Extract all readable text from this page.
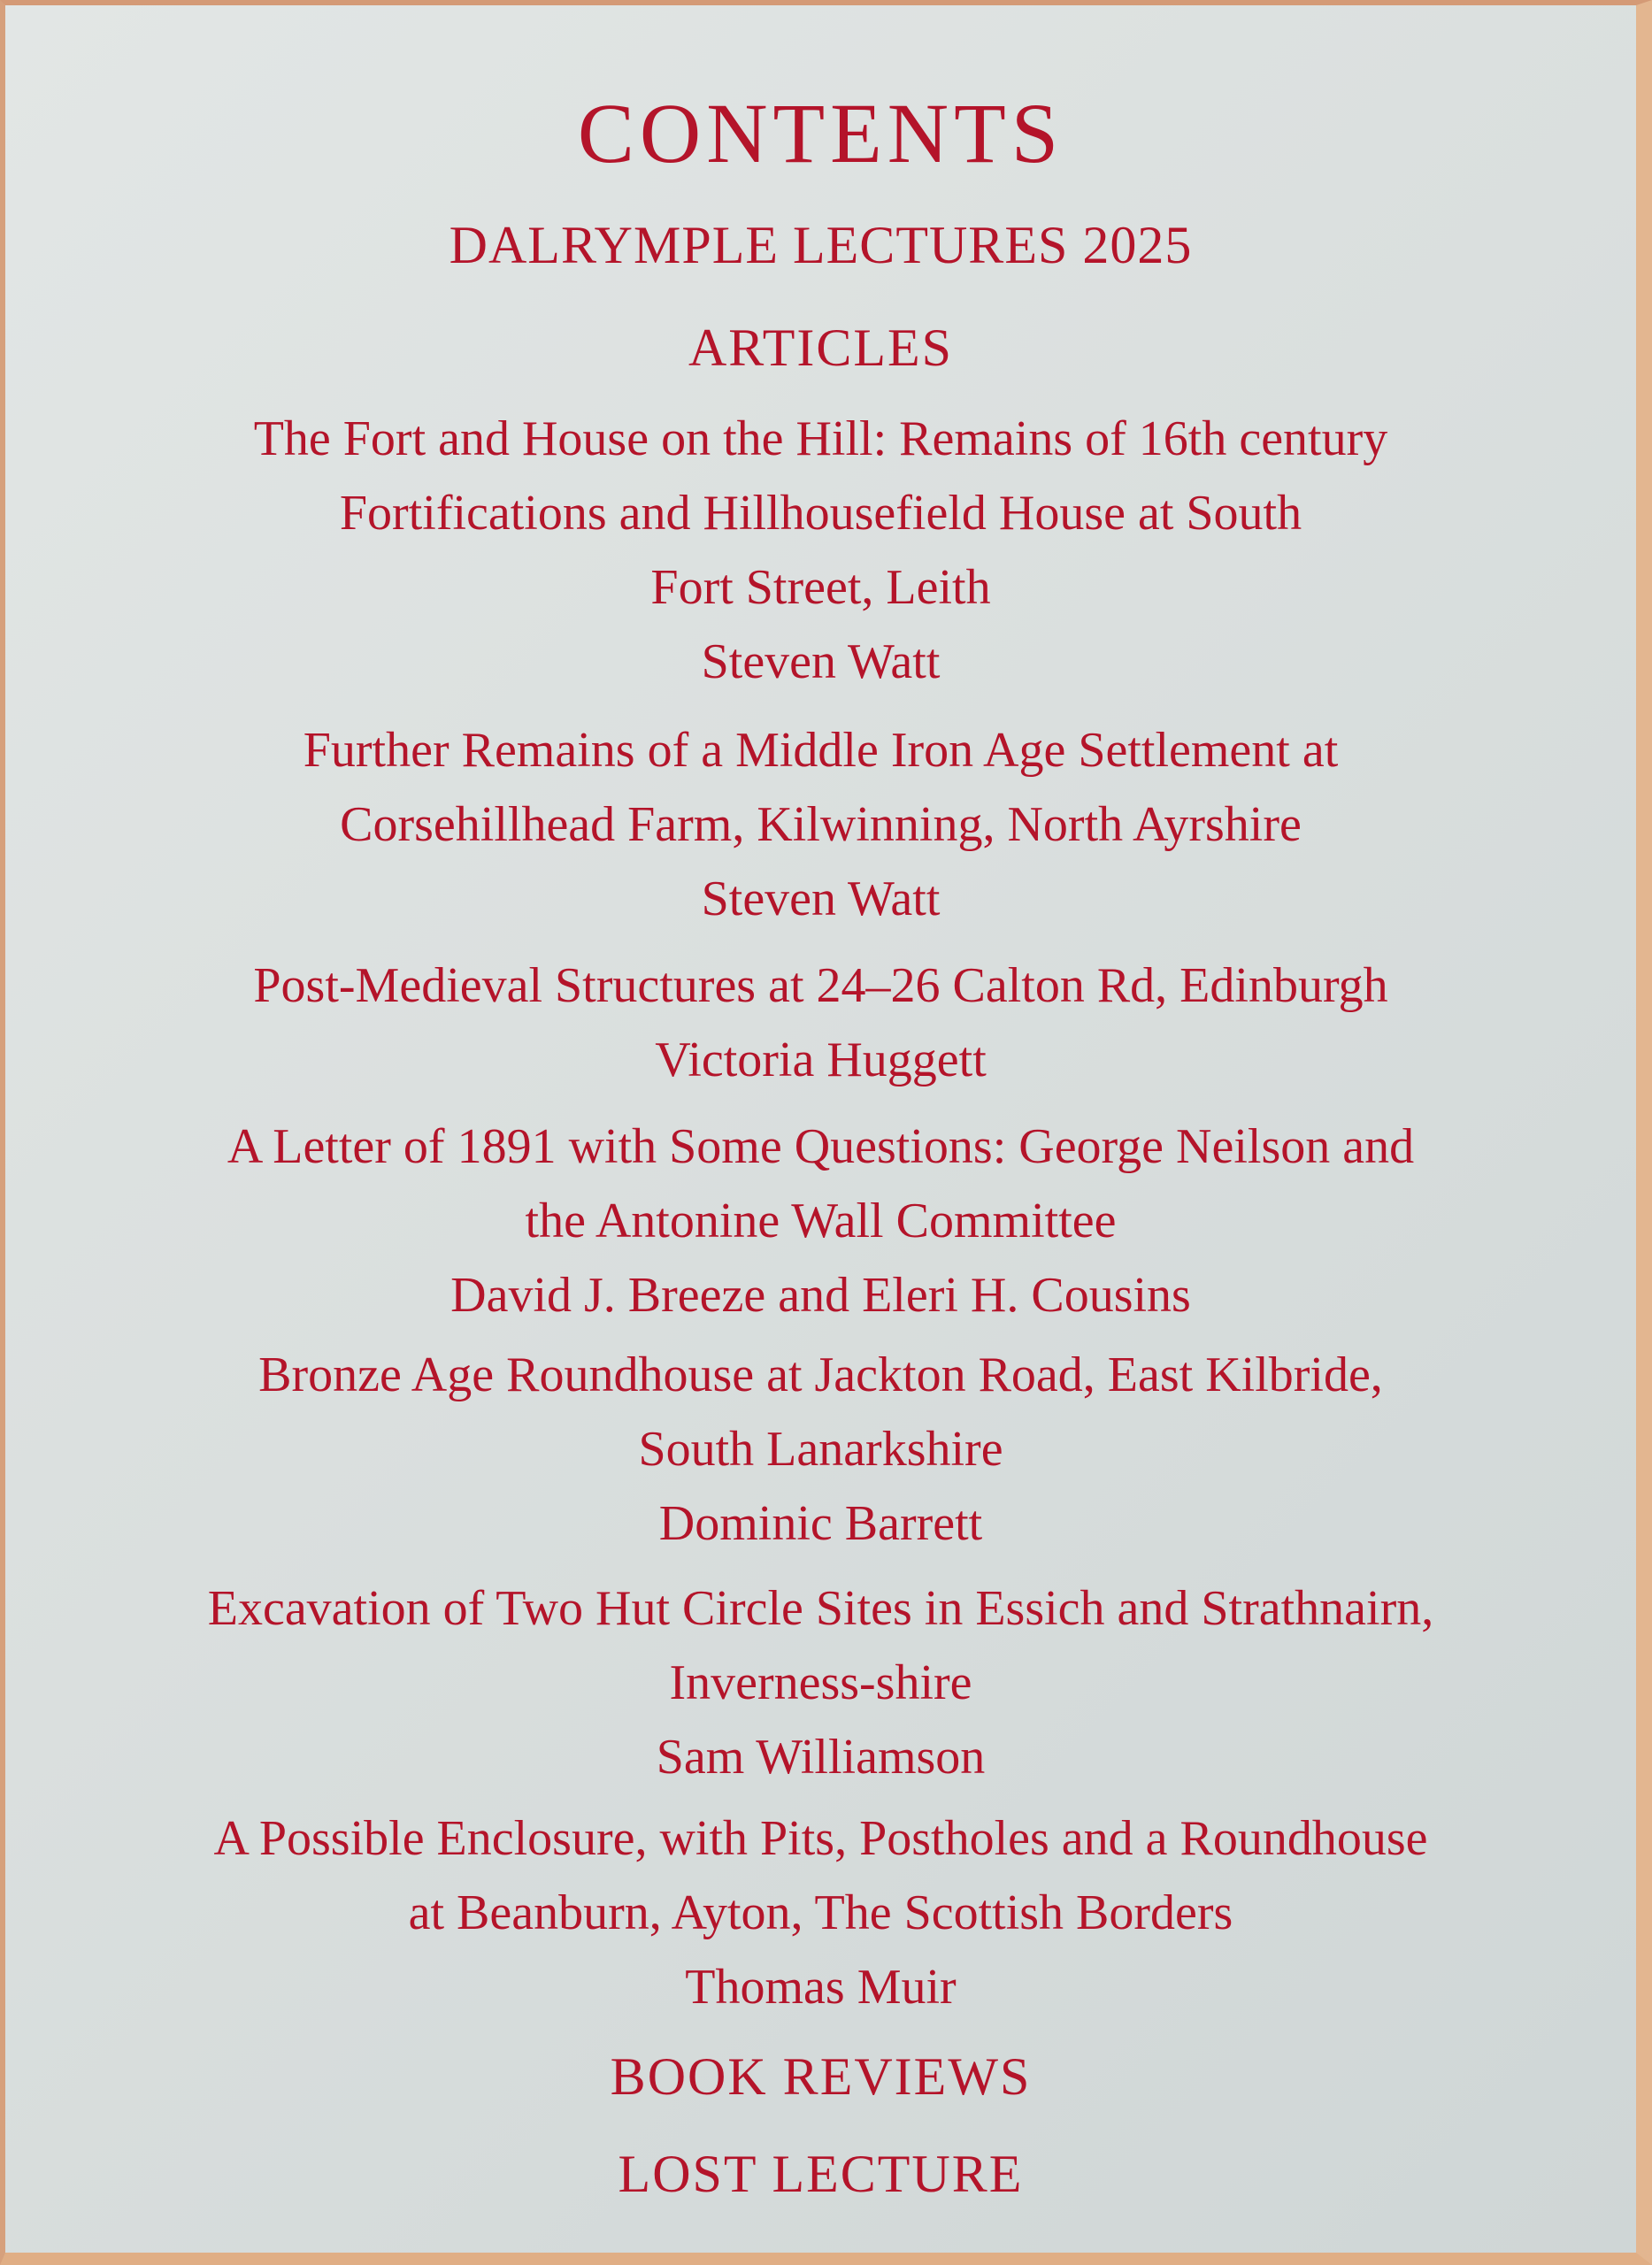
CONTENTS
DALRYMPLE LECTURES 2025
ARTICLES
The Fort and House on the Hill: Remains of 16th century
Fortifications and Hillhousefield House at South
Fort Street, Leith
Steven Watt
Further Remains of a Middle Iron Age Settlement at
Corsehillhead Farm, Kilwinning, North Ayrshire
Steven Watt
Post-Medieval Structures at 24–26 Calton Rd, Edinburgh
Victoria Huggett
A Letter of 1891 with Some Questions: George Neilson and
the Antonine Wall Committee
David J. Breeze and Eleri H. Cousins
Bronze Age Roundhouse at Jackton Road, East Kilbride,
South Lanarkshire
Dominic Barrett
Excavation of Two Hut Circle Sites in Essich and Strathnairn,
Inverness-shire
Sam Williamson
A Possible Enclosure, with Pits, Postholes and a Roundhouse
at Beanburn, Ayton, The Scottish Borders
Thomas Muir
BOOK REVIEWS
LOST LECTURE
